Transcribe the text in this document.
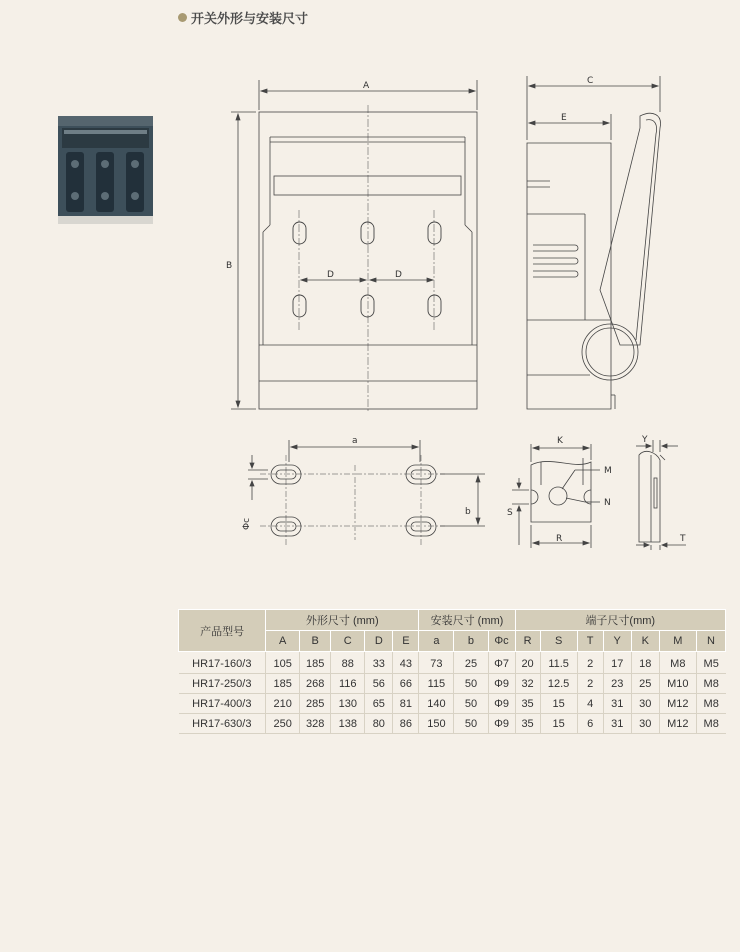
开关外形与安装尺寸
A
B
D	D
C
E
a
b
Φc
K
M
N
S
R
Y
T
产品型号	外形尺寸 (mm)					安装尺寸 (mm)			端子尺寸(mm)						
	A	B	C	D	E	a	b	Φc	R	S	T	Y	K	M	N
HR17-160/3	105	185	88	33	43	73	25	Φ7	20	11.5	2	17	18	M8	M5
HR17-250/3	185	268	116	56	66	115	50	Φ9	32	12.5	2	23	25	M10	M8
HR17-400/3	210	285	130	65	81	140	50	Φ9	35	15	4	31	30	M12	M8
HR17-630/3	250	328	138	80	86	150	50	Φ9	35	15	6	31	30	M12	M8
